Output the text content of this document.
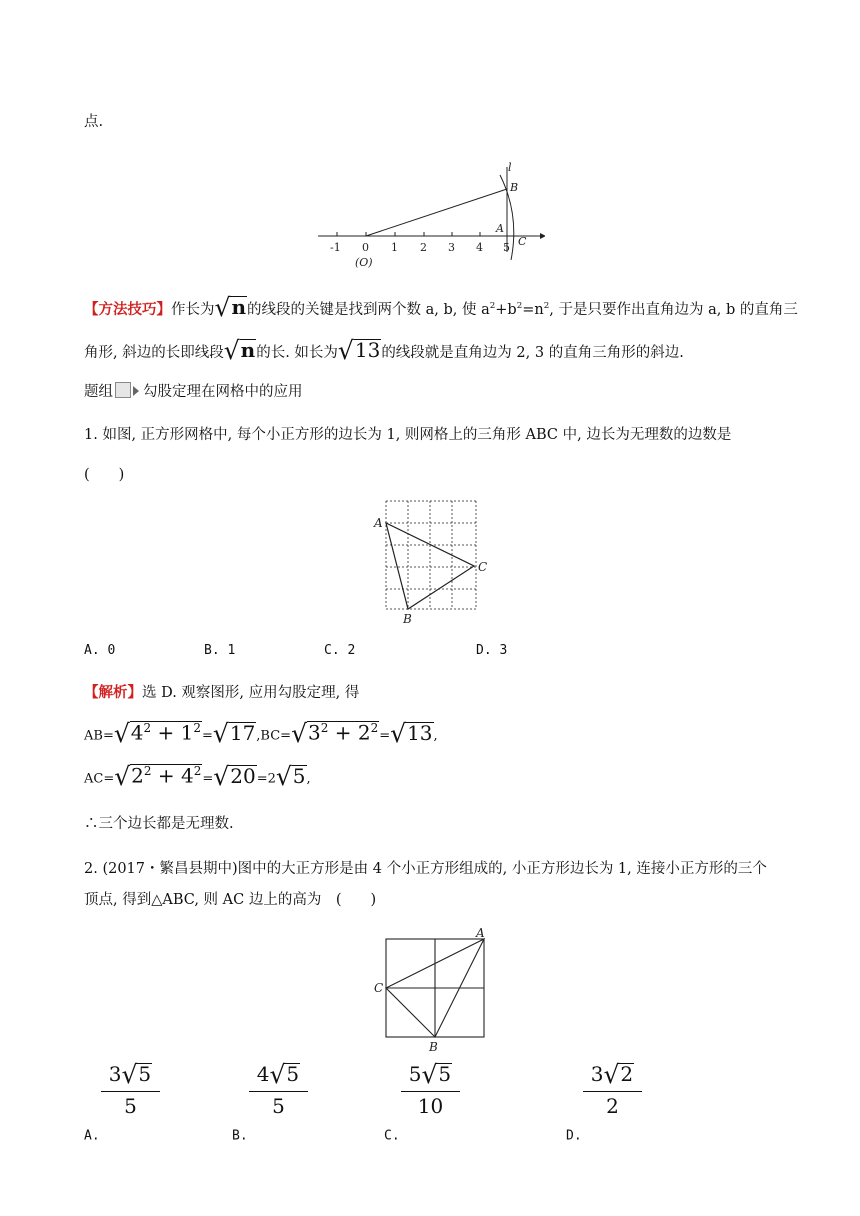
点.
-1 0 1 2 3 4 5
(O)
l
B
A
C
【方法技巧】作长为√n的线段的关键是找到两个数 a, b, 使 $a^2+b^2=n^2$, 于是只要作出直角边为 a, b 的直角三
角形, 斜边的长即线段√n的长. 如长为√13的线段就是直角边为 2, 3 的直角三角形的斜边.
题组 勾股定理在网格中的应用
1. 如图, 正方形网格中, 每个小正方形的边长为 1, 则网格上的三角形 ABC 中, 边长为无理数的边数是
(　　)
A
B
C
A. 0	B. 1	C. 2	D. 3
【解析】选 D. 观察图形, 应用勾股定理, 得
$AB=√4^2 + 1^2=√17,BC=√3^2 + 2^2=√13$,
$AC=√2^2 + 4^2=√20=2√5$,
∴三个边长都是无理数.
2. (2017・繁昌县期中)图中的大正方形是由 4 个小正方形组成的, 小正方形边长为 1, 连接小正方形的三个
顶点, 得到△ABC, 则 AC 边上的高为　(　　)
A
B
C
$_{A.}$
$\frac{3√5}{5}$
$_{B.}$
$\frac{4√5}{5}$
$_{C.}$
$\frac{5√5}{10}$
$_{D.}$
$\frac{3√2}{2}$
